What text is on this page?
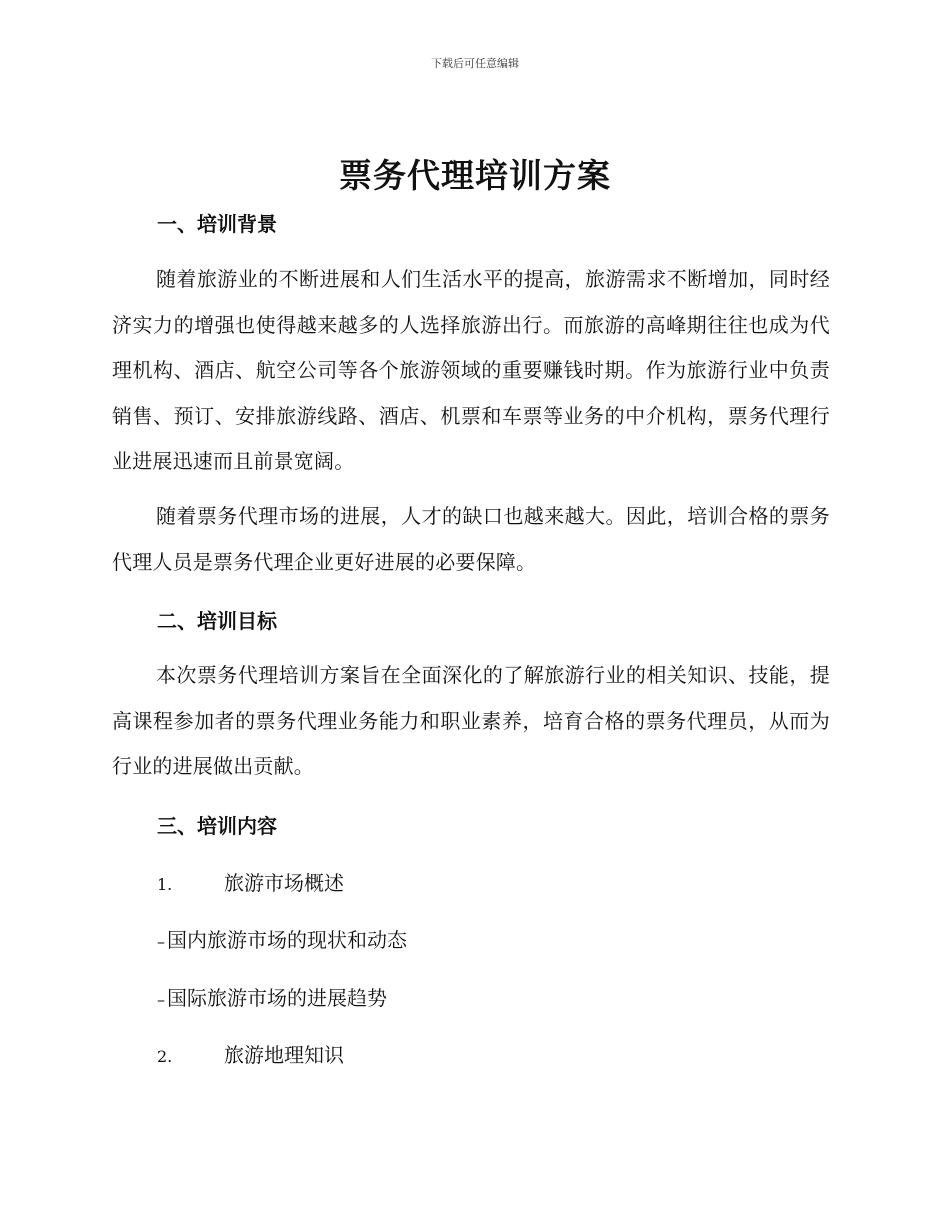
下载后可任意编辑
票务代理培训方案
一、培训背景
随着旅游业的不断进展和人们生活水平的提高，旅游需求不断增加，同时经济实力的增强也使得越来越多的人选择旅游出行。而旅游的高峰期往往也成为代理机构、酒店、航空公司等各个旅游领域的重要赚钱时期。作为旅游行业中负责销售、预订、安排旅游线路、酒店、机票和车票等业务的中介机构，票务代理行业进展迅速而且前景宽阔。
随着票务代理市场的进展，人才的缺口也越来越大。因此，培训合格的票务代理人员是票务代理企业更好进展的必要保障。
二、培训目标
本次票务代理培训方案旨在全面深化的了解旅游行业的相关知识、技能，提高课程参加者的票务代理业务能力和职业素养，培育合格的票务代理员，从而为行业的进展做出贡献。
三、培训内容
1.	旅游市场概述
– 国内旅游市场的现状和动态
– 国际旅游市场的进展趋势
2.	旅游地理知识
